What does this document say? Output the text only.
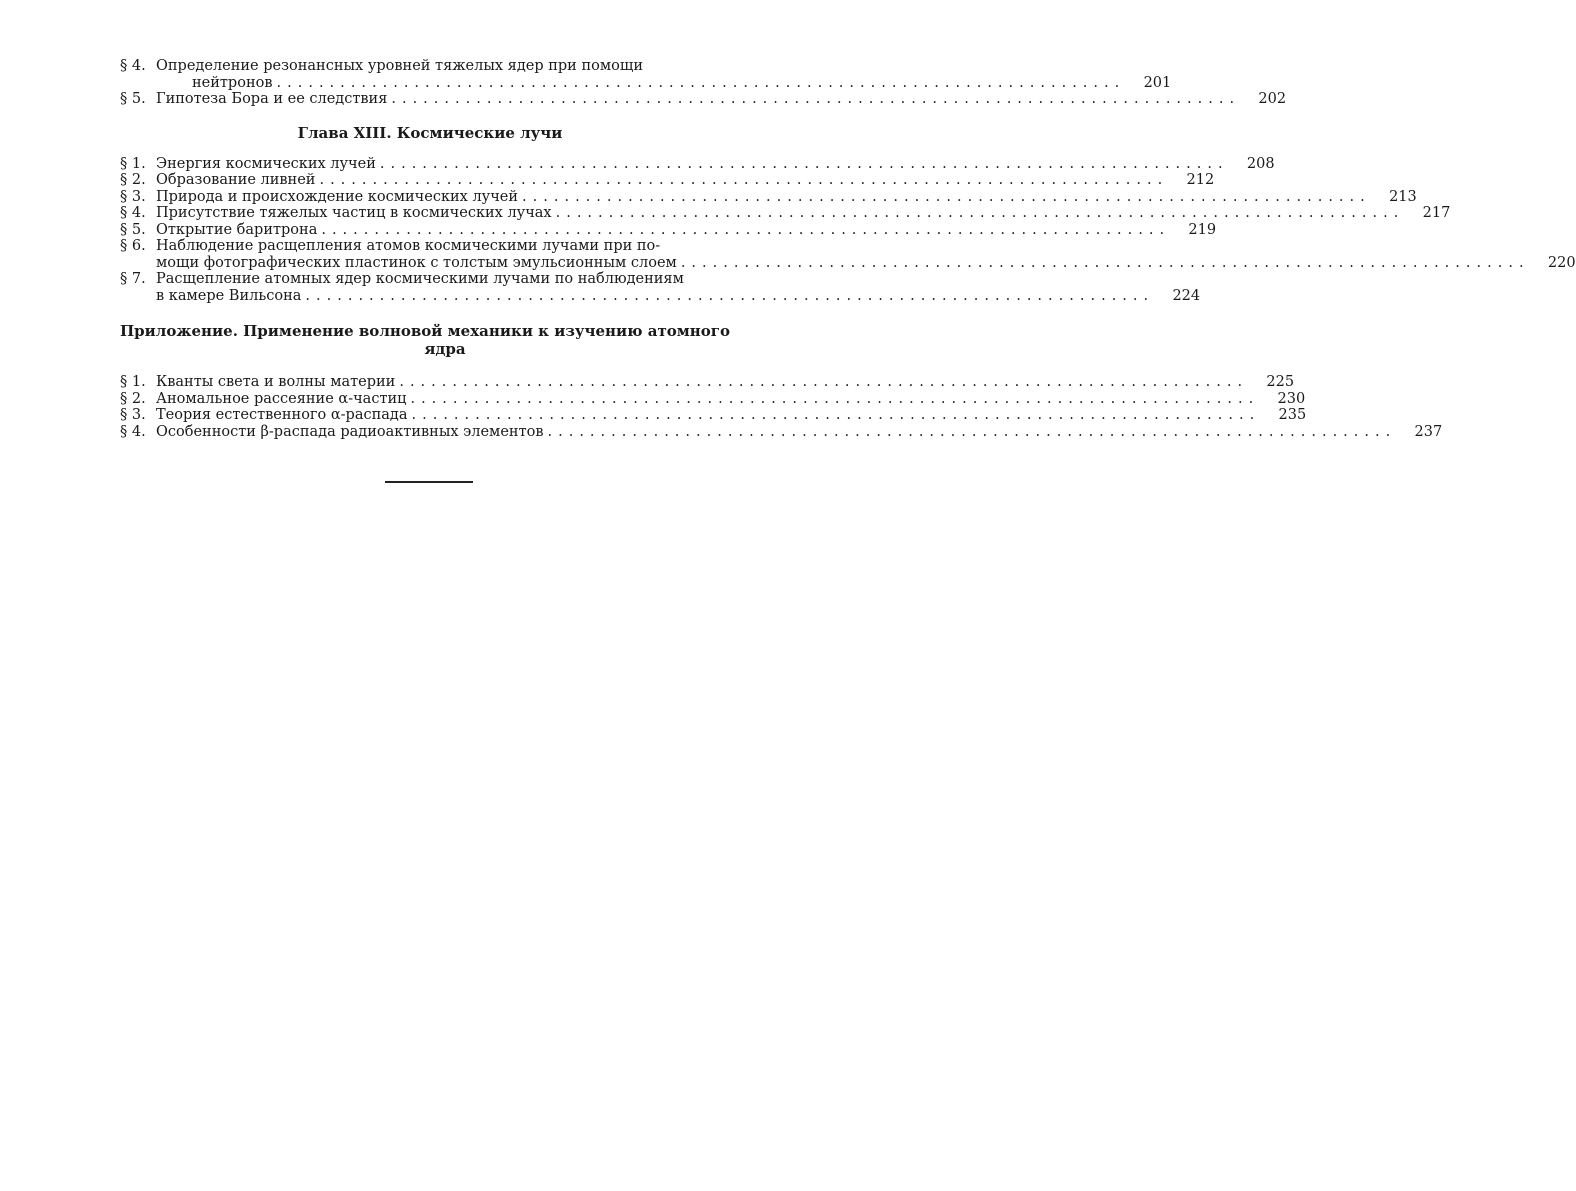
§ 4. Определение резонансных уровней тяжелых ядер при помощи
нейтронов ................................................................................	201
§ 5. Гипотеза Бора и ее следствия ................................................................................	202
Глава XIII. Космические лучи
§ 1. Энергия космических лучей ................................................................................	208
§ 2. Образование ливней ................................................................................	212
§ 3. Природа и происхождение космических лучей ................................................................................	213
§ 4. Присутствие тяжелых частиц в космических лучах ................................................................................	217
§ 5. Открытие баритрона ................................................................................	219
§ 6. Наблюдение расщепления атомов космическими лучами при по-
мощи фотографических пластинок с толстым эмульсионным слоем ................................................................................	220
§ 7. Расщепление атомных ядер космическими лучами по наблюдениям
в камере Вильсона ................................................................................	224
Приложение. Применение волновой механики к изучению атомного
ядра
§ 1. Кванты света и волны материи ................................................................................	225
§ 2. Аномальное рассеяние α-частиц ................................................................................	230
§ 3. Теория естественного α-распада ................................................................................	235
§ 4. Особенности β-распада радиоактивных элементов ................................................................................	237
